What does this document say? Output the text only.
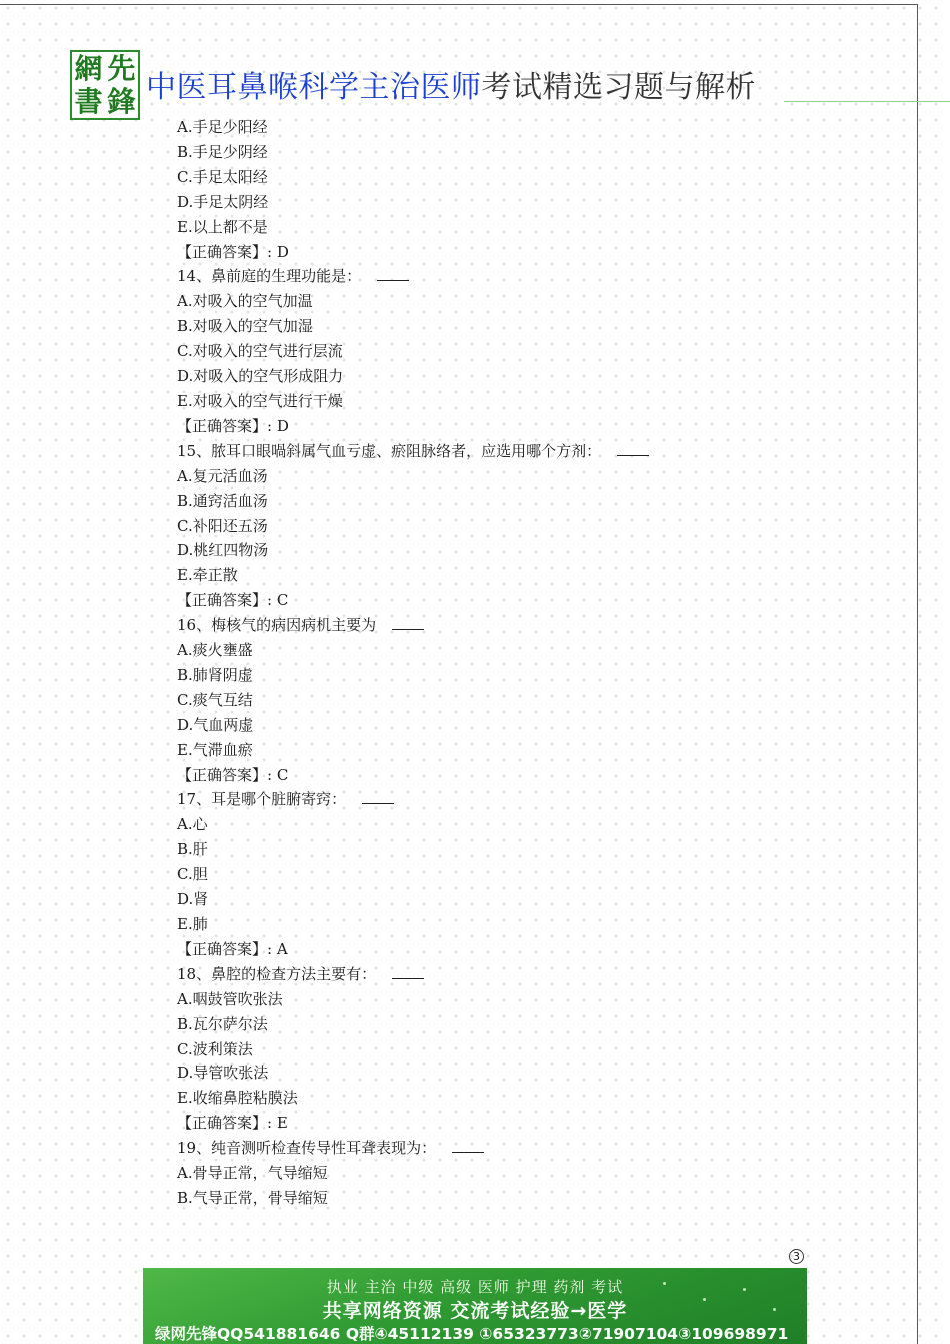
網 先
書 鋒 中医耳鼻喉科学主治医师考试精选习题与解析
A.手足少阳经
B.手足少阴经
C.手足太阳经
D.手足太阴经
E.以上都不是
【正确答案】: D
14、鼻前庭的生理功能是：
A.对吸入的空气加温
B.对吸入的空气加湿
C.对吸入的空气进行层流
D.对吸入的空气形成阻力
E.对吸入的空气进行干燥
【正确答案】: D
15、脓耳口眼喎斜属气血亏虚、瘀阻脉络者，应选用哪个方剂：
A.复元活血汤
B.通窍活血汤
C.补阳还五汤
D.桃红四物汤
E.牵正散
【正确答案】: C
16、梅核气的病因病机主要为
A.痰火壅盛
B.肺肾阴虚
C.痰气互结
D.气血两虚
E.气滞血瘀
【正确答案】: C
17、耳是哪个脏腑寄窍：
A.心
B.肝
C.胆
D.肾
E.肺
【正确答案】: A
18、鼻腔的检查方法主要有：
A.咽鼓管吹张法
B.瓦尔萨尔法
C.波利策法
D.导管吹张法
E.收缩鼻腔粘膜法
【正确答案】: E
19、纯音测听检查传导性耳聋表现为：
A.骨导正常，气导缩短
B.气导正常，骨导缩短
3
执业 主治 中级 高级 医师 护理 药剂 考试
共享网络资源 交流考试经验→医学
绿网先锋QQ541881646 Q群④45112139 ①65323773②71907104③109698971
